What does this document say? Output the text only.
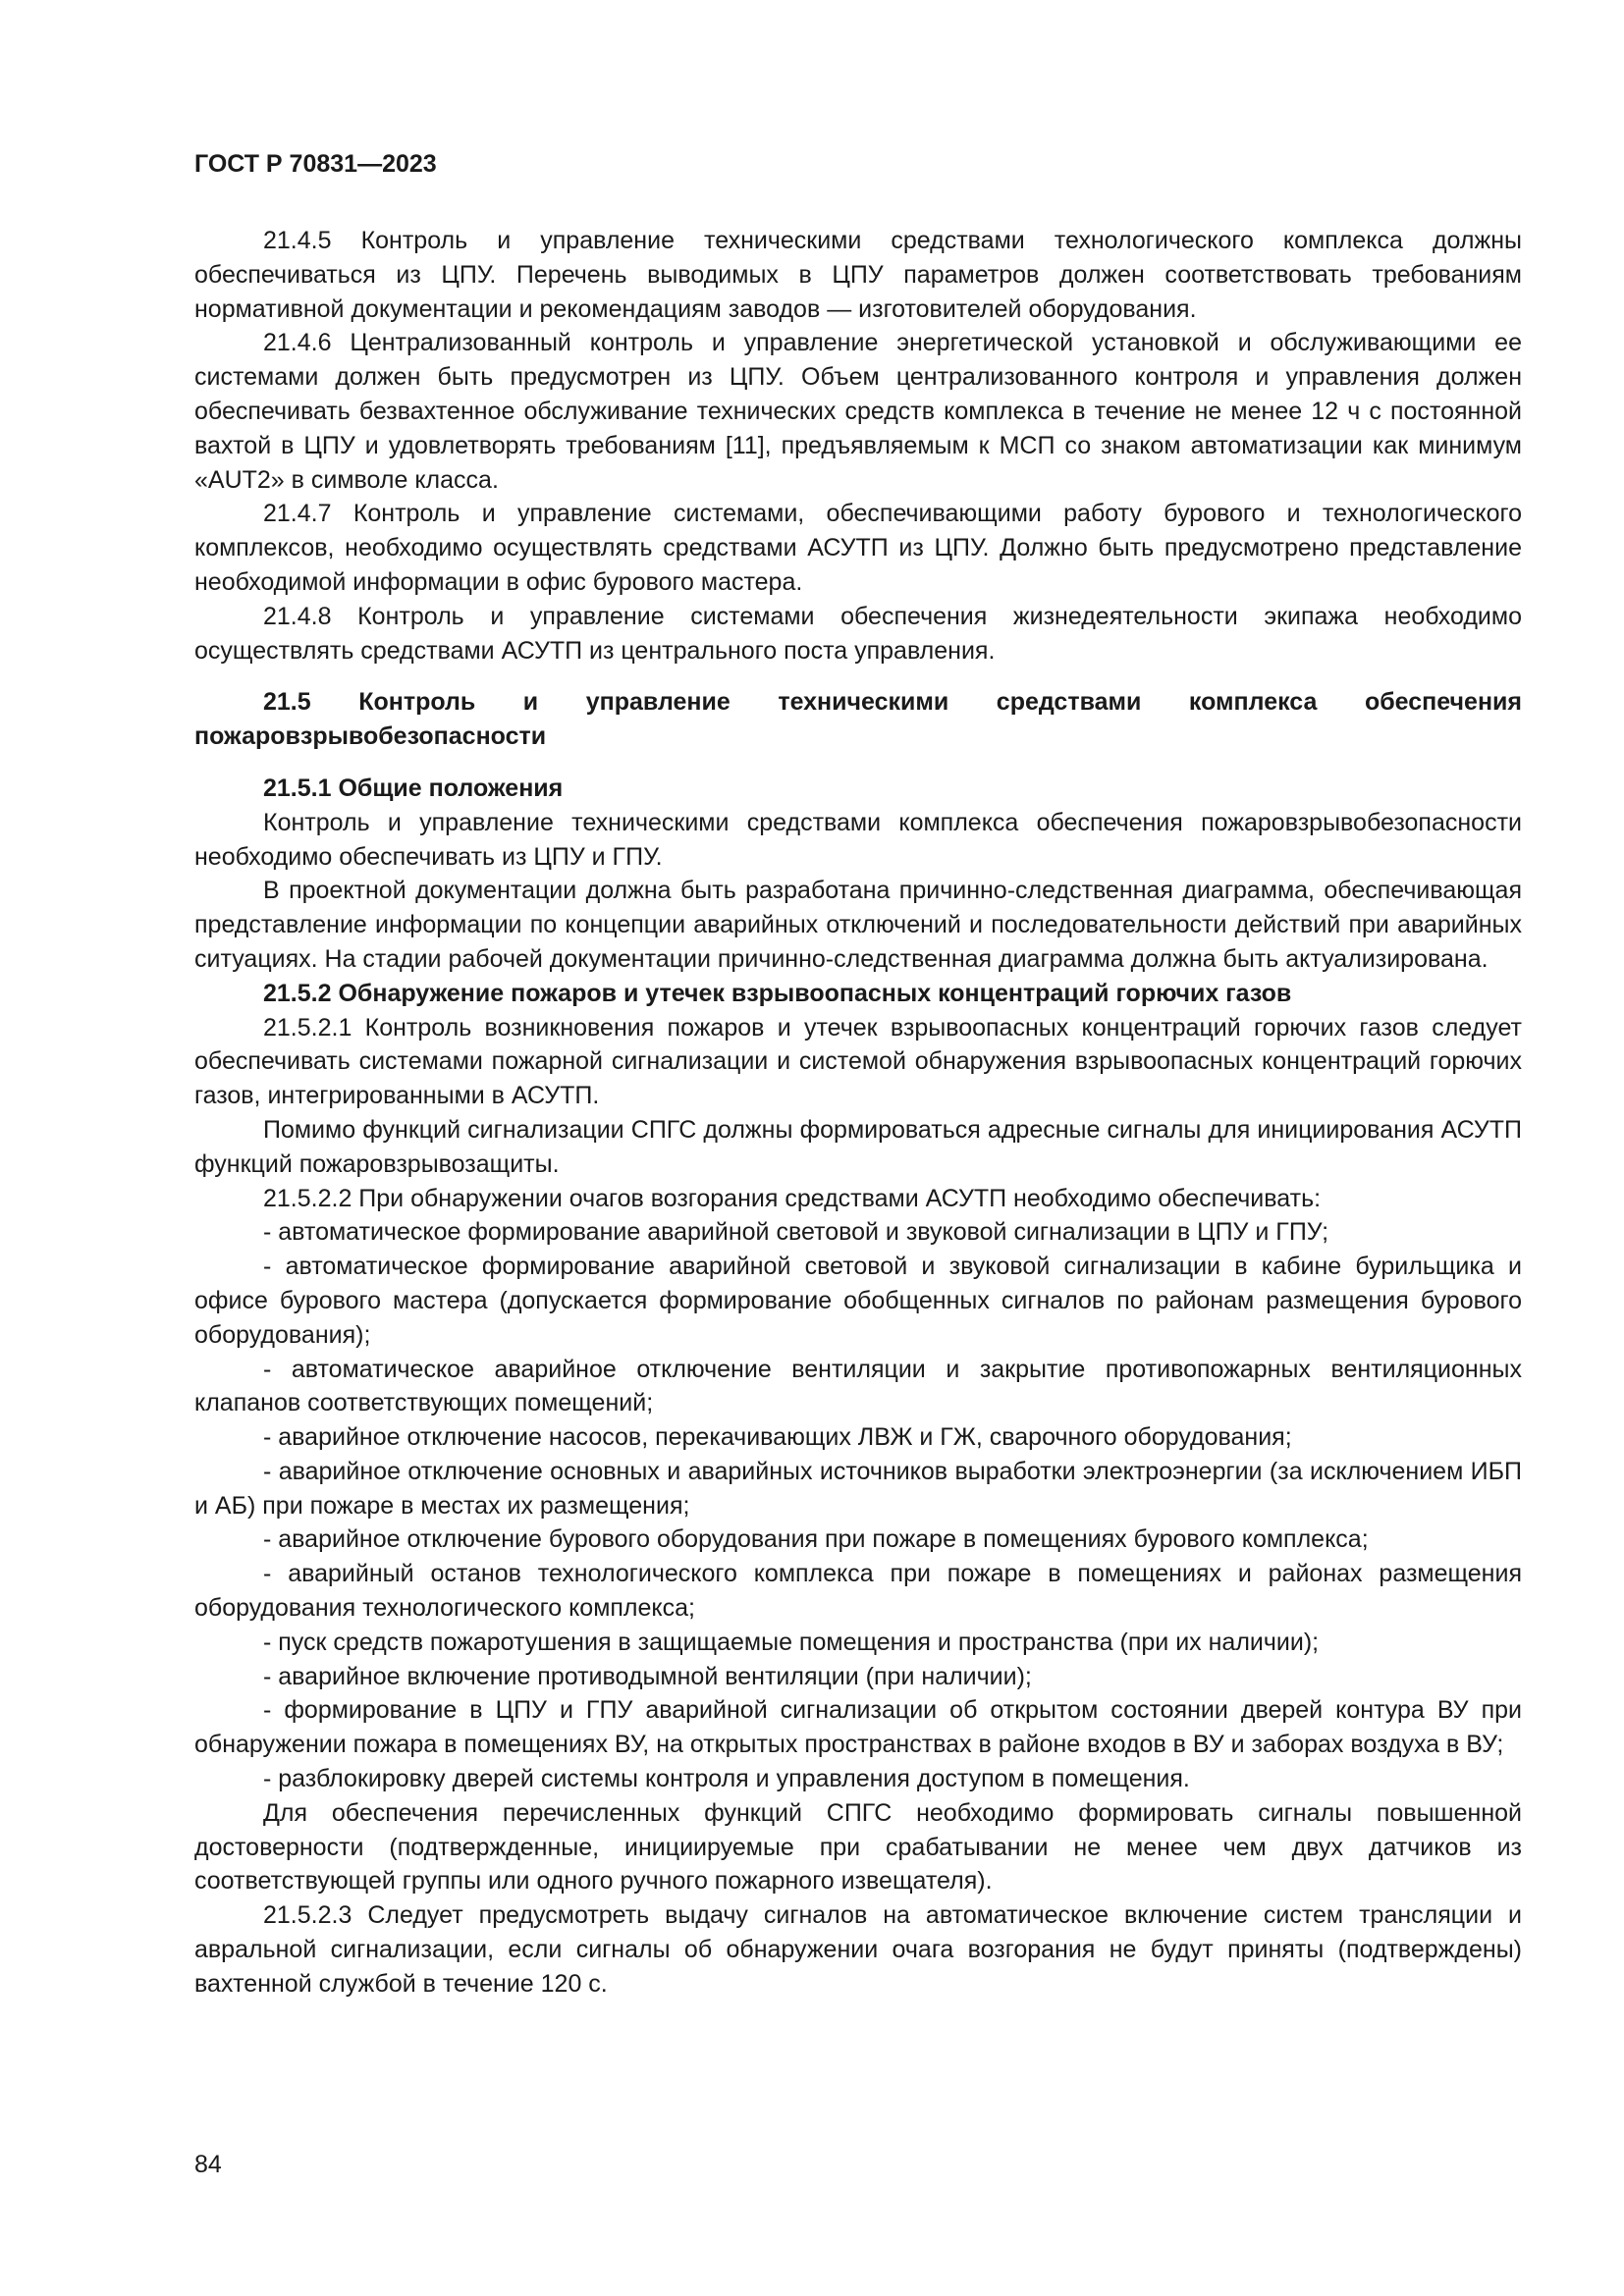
ГОСТ Р 70831—2023

21.4.5 Контроль и управление техническими средствами технологического комплекса должны обеспечиваться из ЦПУ. Перечень выводимых в ЦПУ параметров должен соответствовать требованиям нормативной документации и рекомендациям заводов — изготовителей оборудования.

21.4.6 Централизованный контроль и управление энергетической установкой и обслуживающими ее системами должен быть предусмотрен из ЦПУ. Объем централизованного контроля и управления должен обеспечивать безвахтенное обслуживание технических средств комплекса в течение не менее 12 ч с постоянной вахтой в ЦПУ и удовлетворять требованиям [11], предъявляемым к МСП со знаком автоматизации как минимум «AUT2» в символе класса.

21.4.7 Контроль и управление системами, обеспечивающими работу бурового и технологического комплексов, необходимо осуществлять средствами АСУТП из ЦПУ. Должно быть предусмотрено представление необходимой информации в офис бурового мастера.

21.4.8 Контроль и управление системами обеспечения жизнедеятельности экипажа необходимо осуществлять средствами АСУТП из центрального поста управления.

21.5 Контроль и управление техническими средствами комплекса обеспечения пожаровзрывобезопасности

21.5.1 Общие положения

Контроль и управление техническими средствами комплекса обеспечения пожаровзрывобезопасности необходимо обеспечивать из ЦПУ и ГПУ.

В проектной документации должна быть разработана причинно-следственная диаграмма, обеспечивающая представление информации по концепции аварийных отключений и последовательности действий при аварийных ситуациях. На стадии рабочей документации причинно-следственная диаграмма должна быть актуализирована.

21.5.2 Обнаружение пожаров и утечек взрывоопасных концентраций горючих газов

21.5.2.1 Контроль возникновения пожаров и утечек взрывоопасных концентраций горючих газов следует обеспечивать системами пожарной сигнализации и системой обнаружения взрывоопасных концентраций горючих газов, интегрированными в АСУТП.

Помимо функций сигнализации СПГС должны формироваться адресные сигналы для инициирования АСУТП функций пожаровзрывозащиты.

21.5.2.2 При обнаружении очагов возгорания средствами АСУТП необходимо обеспечивать:

- автоматическое формирование аварийной световой и звуковой сигнализации в ЦПУ и ГПУ;

- автоматическое формирование аварийной световой и звуковой сигнализации в кабине бурильщика и офисе бурового мастера (допускается формирование обобщенных сигналов по районам размещения бурового оборудования);

- автоматическое аварийное отключение вентиляции и закрытие противопожарных вентиляционных клапанов соответствующих помещений;

- аварийное отключение насосов, перекачивающих ЛВЖ и ГЖ, сварочного оборудования;

- аварийное отключение основных и аварийных источников выработки электроэнергии (за исключением ИБП и АБ) при пожаре в местах их размещения;

- аварийное отключение бурового оборудования при пожаре в помещениях бурового комплекса;

- аварийный останов технологического комплекса при пожаре в помещениях и районах размещения оборудования технологического комплекса;

- пуск средств пожаротушения в защищаемые помещения и пространства (при их наличии);

- аварийное включение противодымной вентиляции (при наличии);

- формирование в ЦПУ и ГПУ аварийной сигнализации об открытом состоянии дверей контура ВУ при обнаружении пожара в помещениях ВУ, на открытых пространствах в районе входов в ВУ и заборах воздуха в ВУ;

- разблокировку дверей системы контроля и управления доступом в помещения.

Для обеспечения перечисленных функций СПГС необходимо формировать сигналы повышенной достоверности (подтвержденные, инициируемые при срабатывании не менее чем двух датчиков из соответствующей группы или одного ручного пожарного извещателя).

21.5.2.3 Следует предусмотреть выдачу сигналов на автоматическое включение систем трансляции и авральной сигнализации, если сигналы об обнаружении очага возгорания не будут приняты (подтверждены) вахтенной службой в течение 120 с.

84
